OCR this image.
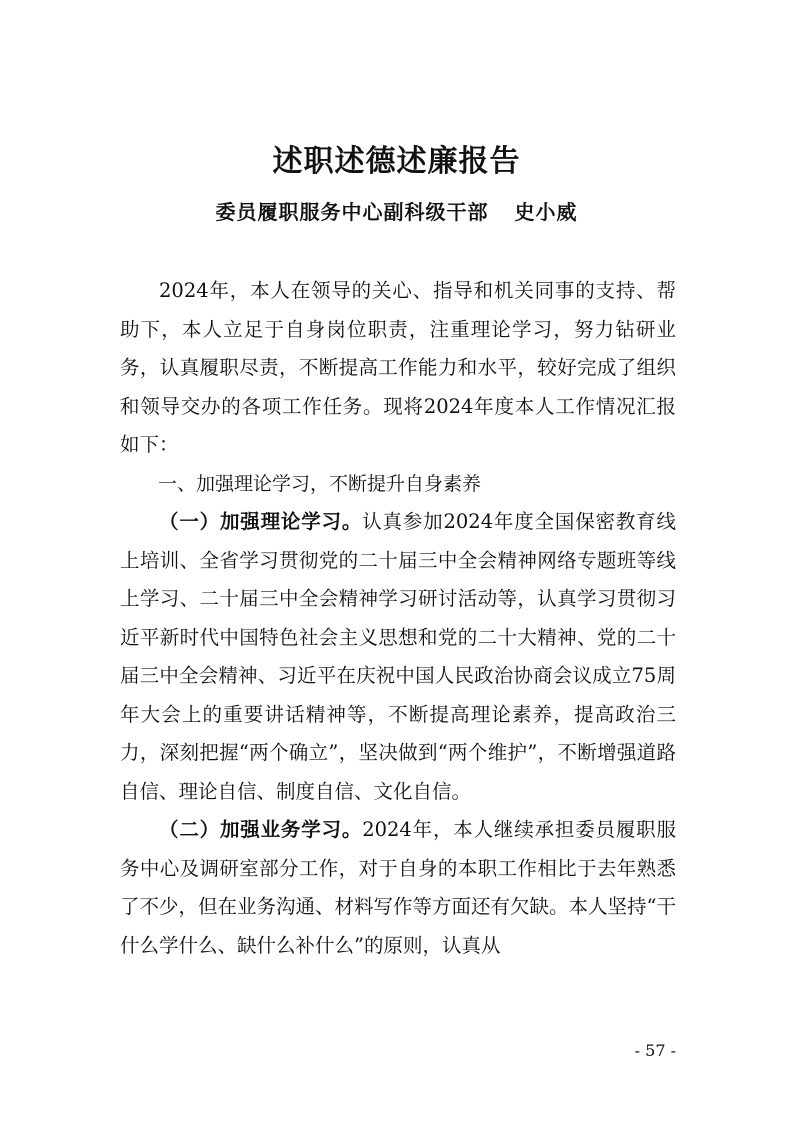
述职述德述廉报告
委员履职服务中心副科级干部 史小威

2024年，本人在领导的关心、指导和机关同事的支持、帮助下，本人立足于自身岗位职责，注重理论学习，努力钻研业务，认真履职尽责，不断提高工作能力和水平，较好完成了组织和领导交办的各项工作任务。现将2024年度本人工作情况汇报如下：

一、加强理论学习，不断提升自身素养

（一）加强理论学习。认真参加2024年度全国保密教育线上培训、全省学习贯彻党的二十届三中全会精神网络专题班等线上学习、二十届三中全会精神学习研讨活动等，认真学习贯彻习近平新时代中国特色社会主义思想和党的二十大精神、党的二十届三中全会精神、习近平在庆祝中国人民政治协商会议成立75周年大会上的重要讲话精神等，不断提高理论素养，提高政治三力，深刻把握“两个确立”，坚决做到“两个维护”，不断增强道路自信、理论自信、制度自信、文化自信。

（二）加强业务学习。2024年，本人继续承担委员履职服务中心及调研室部分工作，对于自身的本职工作相比于去年熟悉了不少，但在业务沟通、材料写作等方面还有欠缺。本人坚持“干什么学什么、缺什么补什么”的原则，认真从

- 57 -
